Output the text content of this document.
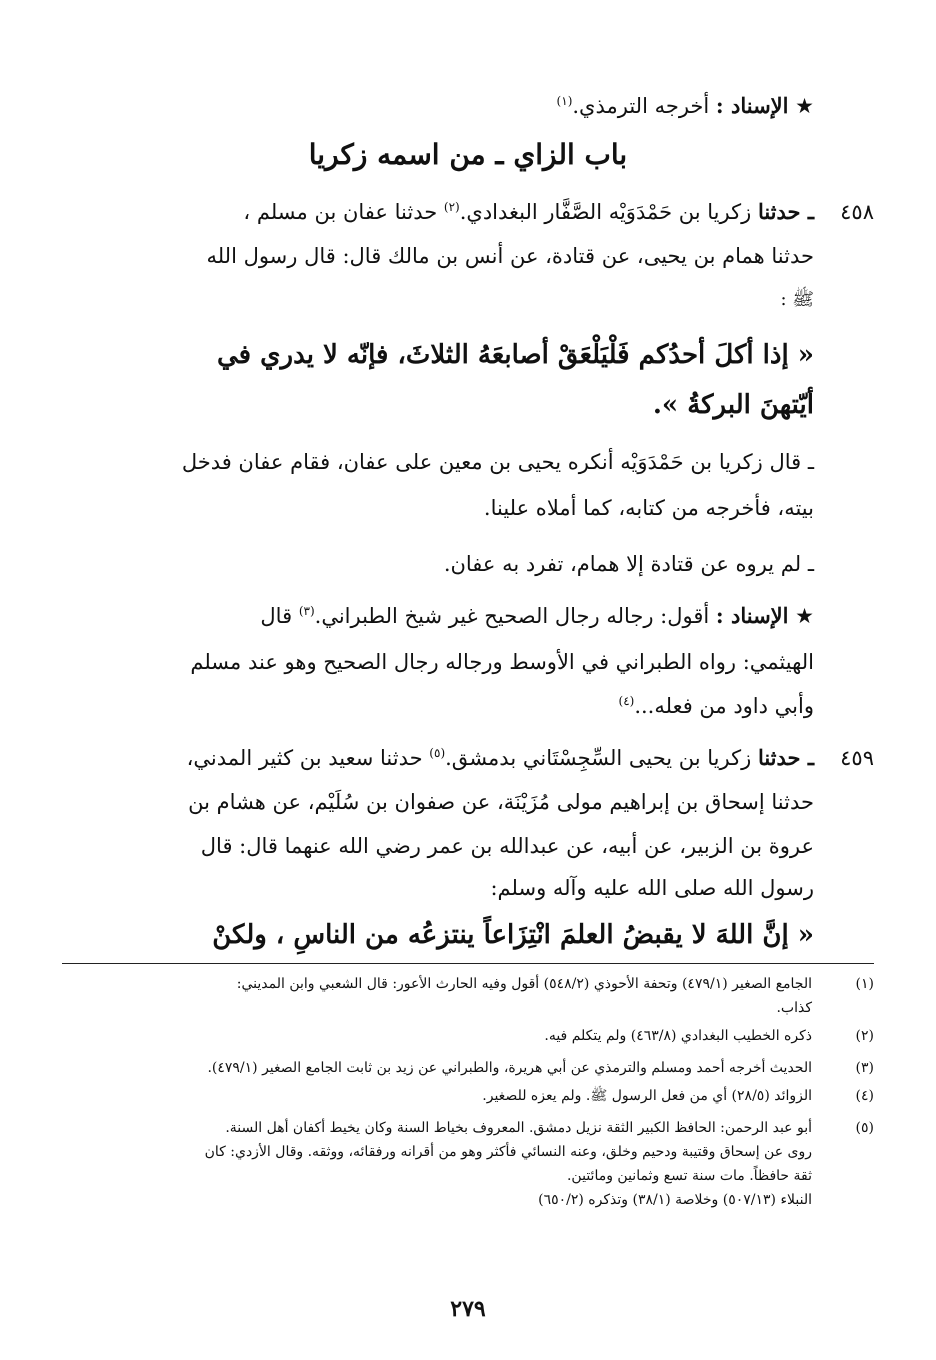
★ الإسناد : أخرجه الترمذي.$^{(١)}$
باب الزاي ـ من اسمه زكريا
٤٥٨
ـ حدثنا زكريا بن حَمْدَوَيْه الصَّفَّار البغدادي.$^{(٢)}$ حدثنا عفان بن مسلم ،
حدثنا همام بن يحيى، عن قتادة، عن أنس بن مالك قال: قال رسول الله
ﷺ :
« إذا أكلَ أحدُكم فَلْيَلْعَقْ أصابعَهُ الثلاثَ، فإنّه لا يدري في
أيّتهنَ البركةُ ».
ـ قال زكريا بن حَمْدَوَيْه أنكره يحيى بن معين على عفان، فقام عفان فدخل
بيته، فأخرجه من كتابه، كما أملاه علينا.
ـ لم يروه عن قتادة إلا همام، تفرد به عفان.
★ الإسناد : أقول: رجاله رجال الصحيح غير شيخ الطبراني.$^{(٣)}$ قال
الهيثمي: رواه الطبراني في الأوسط ورجاله رجال الصحيح وهو عند مسلم
وأبي داود من فعله...$^{(٤)}$
٤٥٩
ـ حدثنا زكريا بن يحيى السِّجِسْتَاني بدمشق.$^{(٥)}$ حدثنا سعيد بن كثير المدني،
حدثنا إسحاق بن إبراهيم مولى مُزَيْنَة، عن صفوان بن سُلَيْم، عن هشام بن
عروة بن الزبير، عن أبيه، عن عبدالله بن عمر رضي الله عنهما قال: قال
رسول الله صلى الله عليه وآله وسلم:
« إنَّ اللهَ لا يقبضُ العلمَ انْتِزَاعاً ينتزعُه من الناسِ ، ولكنْ
(١)
الجامع الصغير (٤٧٩/١) وتحفة الأحوذي (٥٤٨/٢) أقول وفيه الحارث الأعور: قال الشعبي وابن المديني:
كذاب.
(٢)
ذكره الخطيب البغدادي (٤٦٣/٨) ولم يتكلم فيه.
(٣)
الحديث أخرجه أحمد ومسلم والترمذي عن أبي هريرة، والطبراني عن زيد بن ثابت الجامع الصغير (٤٧٩/١).
(٤)
الزوائد (٢٨/٥) أي من فعل الرسول ﷺ. ولم يعزه للصغير.
(٥)
أبو عبد الرحمن: الحافظ الكبير الثقة نزيل دمشق. المعروف بخياط السنة وكان يخيط أكفان أهل السنة.
روى عن إسحاق وقتيبة ودحيم وخلق، وعنه النسائي فأكثر وهو من أقرانه ورفقائه، ووثقه. وقال الأزدي: كان
ثقة حافظاً. مات سنة تسع وثمانين ومائتين.
النبلاء (٥٠٧/١٣) وخلاصة (٣٨/١) وتذكره (٦٥٠/٢)
٢٧٩
